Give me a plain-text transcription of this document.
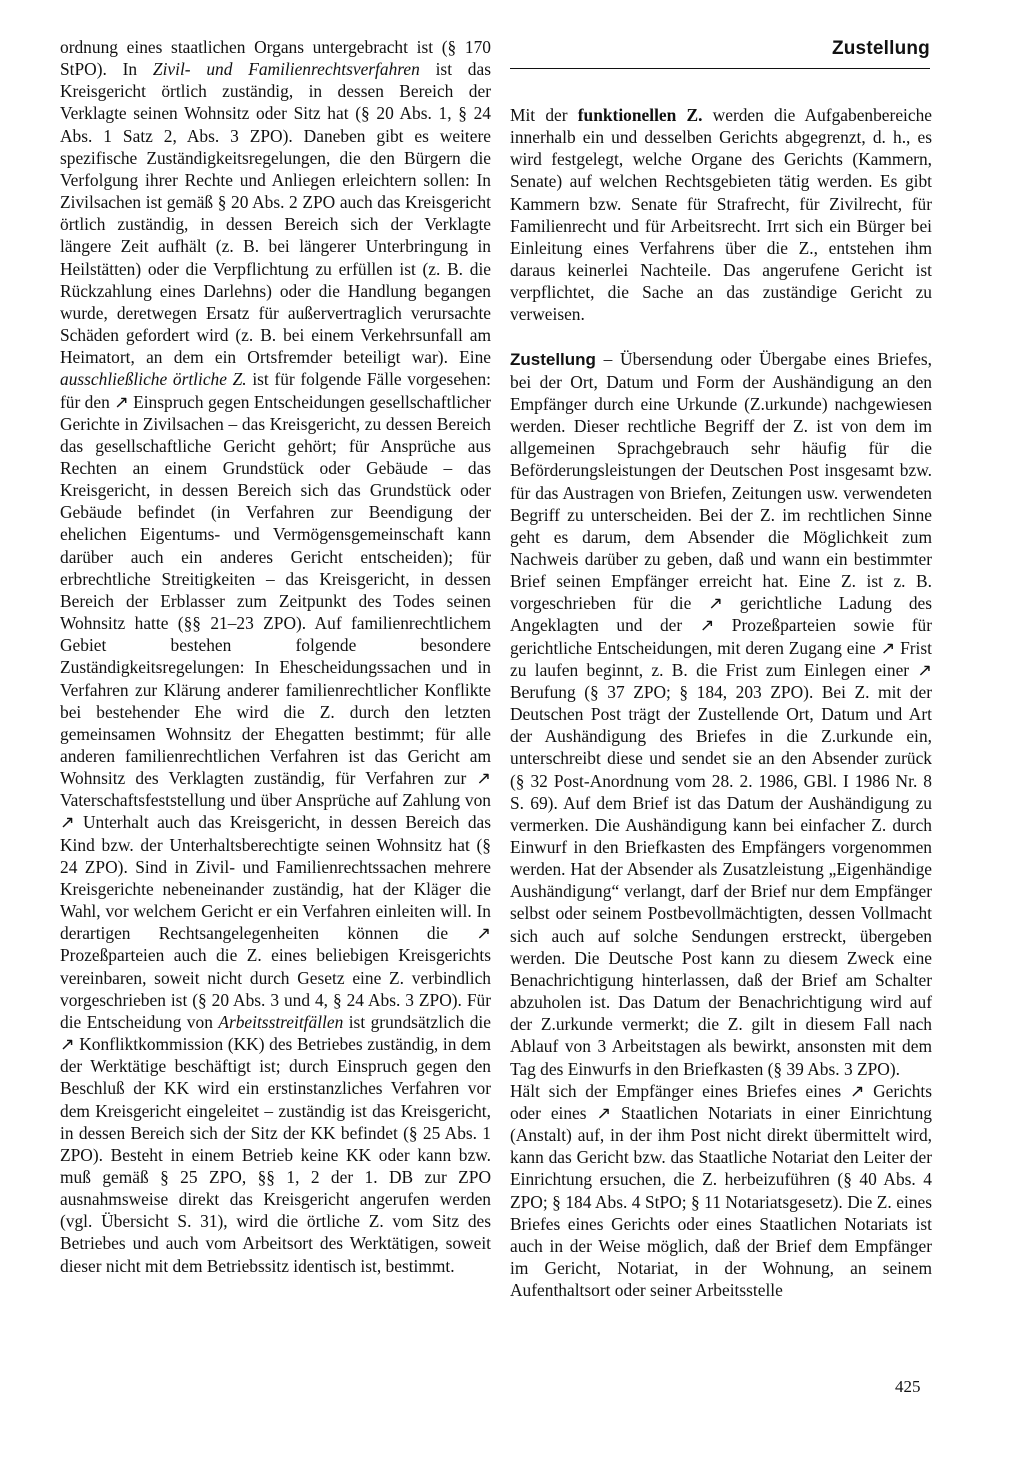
Zustellung

ordnung eines staatlichen Organs untergebracht ist (§ 170 StPO). In Zivil- und Familienrechtsverfahren ist das Kreisgericht örtlich zuständig, in dessen Bereich der Verklagte seinen Wohnsitz oder Sitz hat (§ 20 Abs. 1, § 24 Abs. 1 Satz 2, Abs. 3 ZPO). Daneben gibt es weitere spezifische Zuständigkeitsregelungen, die den Bürgern die Verfolgung ihrer Rechte und Anliegen erleichtern sollen: In Zivilsachen ist gemäß § 20 Abs. 2 ZPO auch das Kreisgericht örtlich zuständig, in dessen Bereich sich der Verklagte längere Zeit aufhält (z. B. bei längerer Unterbringung in Heilstätten) oder die Verpflichtung zu erfüllen ist (z. B. die Rückzahlung eines Darlehns) oder die Handlung begangen wurde, deretwegen Ersatz für außervertraglich verursachte Schäden gefordert wird (z. B. bei einem Verkehrsunfall am Heimatort, an dem ein Ortsfremder beteiligt war). Eine ausschließliche örtliche Z. ist für folgende Fälle vorgesehen: für den ↗ Einspruch gegen Entscheidungen gesellschaftlicher Gerichte in Zivilsachen – das Kreisgericht, zu dessen Bereich das gesellschaftliche Gericht gehört; für Ansprüche aus Rechten an einem Grundstück oder Gebäude – das Kreisgericht, in dessen Bereich sich das Grundstück oder Gebäude befindet (in Verfahren zur Beendigung der ehelichen Eigentums- und Vermögensgemeinschaft kann darüber auch ein anderes Gericht entscheiden); für erbrechtliche Streitigkeiten – das Kreisgericht, in dessen Bereich der Erblasser zum Zeitpunkt des Todes seinen Wohnsitz hatte (§§ 21–23 ZPO). Auf familienrechtlichem Gebiet bestehen folgende besondere Zuständigkeitsregelungen: In Ehescheidungssachen und in Verfahren zur Klärung anderer familienrechtlicher Konflikte bei bestehender Ehe wird die Z. durch den letzten gemeinsamen Wohnsitz der Ehegatten bestimmt; für alle anderen familienrechtlichen Verfahren ist das Gericht am Wohnsitz des Verklagten zuständig, für Verfahren zur ↗ Vaterschaftsfeststellung und über Ansprüche auf Zahlung von ↗ Unterhalt auch das Kreisgericht, in dessen Bereich das Kind bzw. der Unterhaltsberechtigte seinen Wohnsitz hat (§ 24 ZPO). Sind in Zivil- und Familienrechtssachen mehrere Kreisgerichte nebeneinander zuständig, hat der Kläger die Wahl, vor welchem Gericht er ein Verfahren einleiten will. In derartigen Rechtsangelegenheiten können die ↗ Prozeßparteien auch die Z. eines beliebigen Kreisgerichts vereinbaren, soweit nicht durch Gesetz eine Z. verbindlich vorgeschrieben ist (§ 20 Abs. 3 und 4, § 24 Abs. 3 ZPO). Für die Entscheidung von Arbeitsstreitfällen ist grundsätzlich die ↗ Konfliktkommission (KK) des Betriebes zuständig, in dem der Werktätige beschäftigt ist; durch Einspruch gegen den Beschluß der KK wird ein erstinstanzliches Verfahren vor dem Kreisgericht eingeleitet – zuständig ist das Kreisgericht, in dessen Bereich sich der Sitz der KK befindet (§ 25 Abs. 1 ZPO). Besteht in einem Betrieb keine KK oder kann bzw. muß gemäß § 25 ZPO, §§ 1, 2 der 1. DB zur ZPO ausnahmsweise direkt das Kreisgericht angerufen werden (vgl. Übersicht S. 31), wird die örtliche Z. vom Sitz des Betriebes und auch vom Arbeitsort des Werktätigen, soweit dieser nicht mit dem Betriebssitz identisch ist, bestimmt.

Mit der funktionellen Z. werden die Aufgabenbereiche innerhalb ein und desselben Gerichts abgegrenzt, d. h., es wird festgelegt, welche Organe des Gerichts (Kammern, Senate) auf welchen Rechtsgebieten tätig werden. Es gibt Kammern bzw. Senate für Strafrecht, für Zivilrecht, für Familienrecht und für Arbeitsrecht. Irrt sich ein Bürger bei Einleitung eines Verfahrens über die Z., entstehen ihm daraus keinerlei Nachteile. Das angerufene Gericht ist verpflichtet, die Sache an das zuständige Gericht zu verweisen.

Zustellung – Übersendung oder Übergabe eines Briefes, bei der Ort, Datum und Form der Aushändigung an den Empfänger durch eine Urkunde (Z.urkunde) nachgewiesen werden. Dieser rechtliche Begriff der Z. ist von dem im allgemeinen Sprachgebrauch sehr häufig für die Beförderungsleistungen der Deutschen Post insgesamt bzw. für das Austragen von Briefen, Zeitungen usw. verwendeten Begriff zu unterscheiden. Bei der Z. im rechtlichen Sinne geht es darum, dem Absender die Möglichkeit zum Nachweis darüber zu geben, daß und wann ein bestimmter Brief seinen Empfänger erreicht hat. Eine Z. ist z. B. vorgeschrieben für die ↗ gerichtliche Ladung des Angeklagten und der ↗ Prozeßparteien sowie für gerichtliche Entscheidungen, mit deren Zugang eine ↗ Frist zu laufen beginnt, z. B. die Frist zum Einlegen einer ↗ Berufung (§ 37 ZPO; § 184, 203 ZPO). Bei Z. mit der Deutschen Post trägt der Zustellende Ort, Datum und Art der Aushändigung des Briefes in die Z.urkunde ein, unterschreibt diese und sendet sie an den Absender zurück (§ 32 Post-Anordnung vom 28. 2. 1986, GBl. I 1986 Nr. 8 S. 69). Auf dem Brief ist das Datum der Aushändigung zu vermerken. Die Aushändigung kann bei einfacher Z. durch Einwurf in den Briefkasten des Empfängers vorgenommen werden. Hat der Absender als Zusatzleistung „Eigenhändige Aushändigung“ verlangt, darf der Brief nur dem Empfänger selbst oder seinem Postbevollmächtigten, dessen Vollmacht sich auch auf solche Sendungen erstreckt, übergeben werden. Die Deutsche Post kann zu diesem Zweck eine Benachrichtigung hinterlassen, daß der Brief am Schalter abzuholen ist. Das Datum der Benachrichtigung wird auf der Z.urkunde vermerkt; die Z. gilt in diesem Fall nach Ablauf von 3 Arbeitstagen als bewirkt, ansonsten mit dem Tag des Einwurfs in den Briefkasten (§ 39 Abs. 3 ZPO).

Hält sich der Empfänger eines Briefes eines ↗ Gerichts oder eines ↗ Staatlichen Notariats in einer Einrichtung (Anstalt) auf, in der ihm Post nicht direkt übermittelt wird, kann das Gericht bzw. das Staatliche Notariat den Leiter der Einrichtung ersuchen, die Z. herbeizuführen (§ 40 Abs. 4 ZPO; § 184 Abs. 4 StPO; § 11 Notariatsgesetz). Die Z. eines Briefes eines Gerichts oder eines Staatlichen Notariats ist auch in der Weise möglich, daß der Brief dem Empfänger im Gericht, Notariat, in der Wohnung, an seinem Aufenthaltsort oder seiner Arbeitsstelle

425
